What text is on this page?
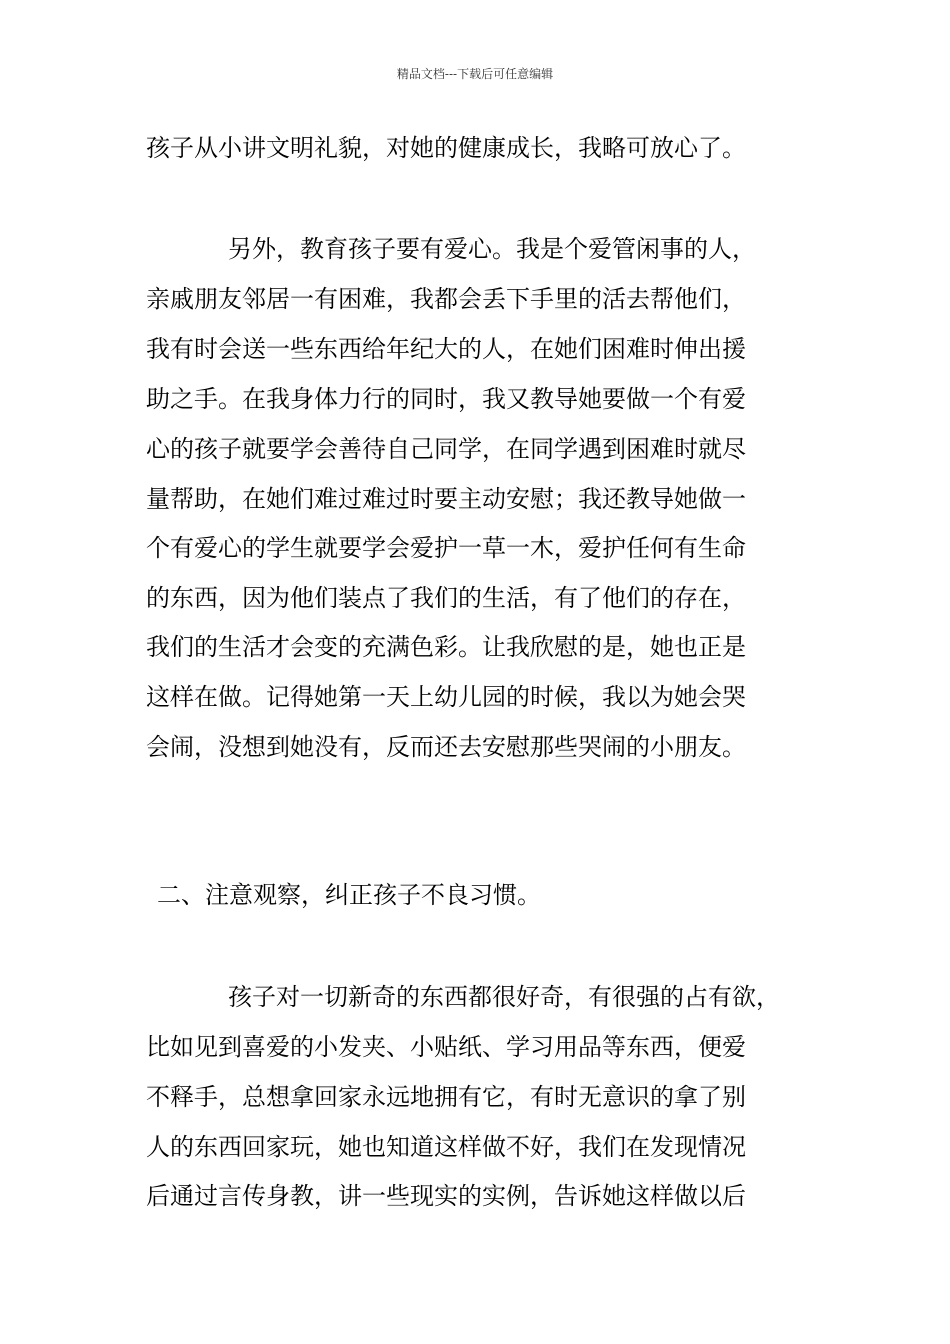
精品文档---下载后可任意编辑
孩子从小讲文明礼貌，对她的健康成长，我略可放心了。
另外，教育孩子要有爱心。我是个爱管闲事的人，
亲戚朋友邻居一有困难，我都会丢下手里的活去帮他们，
我有时会送一些东西给年纪大的人，在她们困难时伸出援
助之手。在我身体力行的同时，我又教导她要做一个有爱
心的孩子就要学会善待自己同学，在同学遇到困难时就尽
量帮助，在她们难过难过时要主动安慰；我还教导她做一
个有爱心的学生就要学会爱护一草一木，爱护任何有生命
的东西，因为他们装点了我们的生活，有了他们的存在，
我们的生活才会变的充满色彩。让我欣慰的是，她也正是
这样在做。记得她第一天上幼儿园的时候，我以为她会哭
会闹，没想到她没有，反而还去安慰那些哭闹的小朋友。
二、注意观察，纠正孩子不良习惯。
孩子对一切新奇的东西都很好奇，有很强的占有欲，
比如见到喜爱的小发夹、小贴纸、学习用品等东西，便爱
不释手，总想拿回家永远地拥有它，有时无意识的拿了别
人的东西回家玩，她也知道这样做不好，我们在发现情况
后通过言传身教，讲一些现实的实例，告诉她这样做以后
